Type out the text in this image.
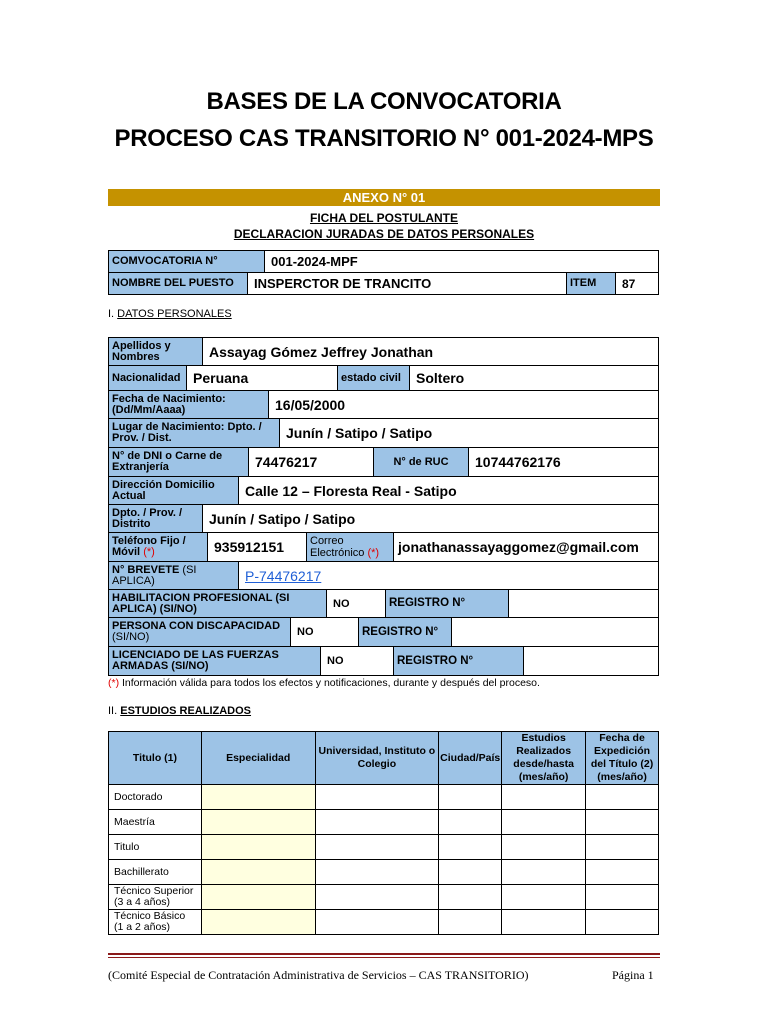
BASES DE LA CONVOCATORIA
PROCESO CAS TRANSITORIO N° 001-2024-MPS
ANEXO N° 01
FICHA DEL POSTULANTE
DECLARACION JURADAS DE DATOS PERSONALES
COMVOCATORIA N°	001-2024-MPF
NOMBRE DEL PUESTO	INSPERCTOR DE TRANCITO	ITEM	87
I. DATOS PERSONALES
Apellidos y Nombres	Assayag Gómez Jeffrey Jonathan
Nacionalidad Peruana	estado civil	Soltero
Fecha de Nacimiento: (Dd/Mm/Aaaa)	16/05/2000
Lugar de Nacimiento: Dpto. / Prov. / Dist.	Junín / Satipo / Satipo
N° de DNI o Carne de Extranjería	74476217	N° de RUC	10744762176
Dirección Domicilio Actual	Calle 12 – Floresta Real - Satipo
Dpto. / Prov. / Distrito	Junín / Satipo / Satipo
Teléfono Fijo / Móvil (*)	935912151	Correo Electrónico (*)	jonathanassayaggomez@gmail.com
N° BREVETE (SI APLICA)	P-74476217
HABILITACION PROFESIONAL (SI APLICA) (SI/NO)	NO	REGISTRO N°
PERSONA CON DISCAPACIDAD
(SI/NO)	NO	REGISTRO N°
LICENCIADO DE LAS FUERZAS ARMADAS (SI/NO)	NO	REGISTRO N°
(*) Información válida para todos los efectos y notificaciones, durante y después del proceso.
II. ESTUDIOS REALIZADOS
Titulo (1)	Especialidad	Universidad, Instituto o Colegio	Ciudad/País	Estudios Realizados desde/hasta (mes/año)	Fecha de Expedición del Título (2) (mes/año)
Doctorado					
Maestría					
Titulo					
Bachillerato					
Técnico Superior (3 a 4 años)					
Técnico Básico (1 a 2 años)					
(Comité Especial de Contratación Administrativa de Servicios – CAS TRANSITORIO)	Página 1
